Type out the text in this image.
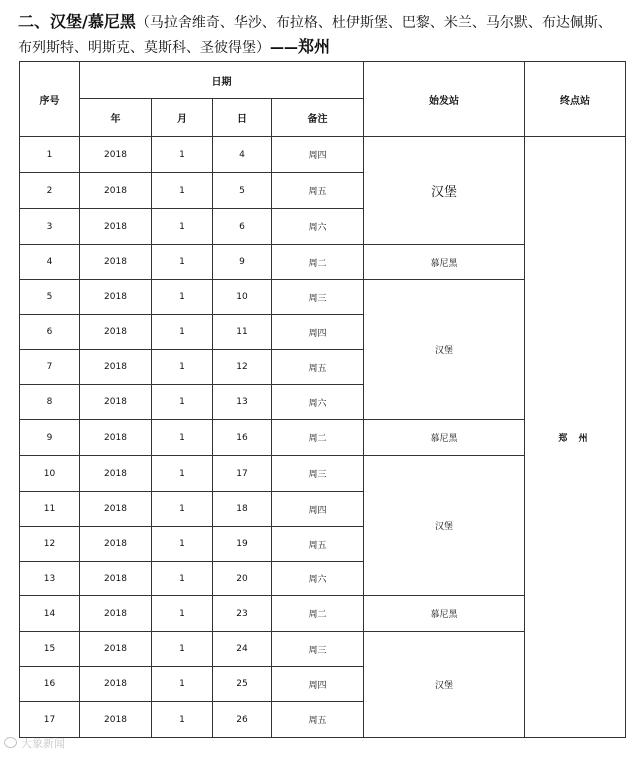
二、汉堡/慕尼黑（马拉舍维奇、华沙、布拉格、杜伊斯堡、巴黎、米兰、马尔默、布达佩斯、
布列斯特、明斯克、莫斯科、圣彼得堡）——郑州
序号	日期				始发站	终点站
	年	月	日	备注		
1	2018	1	4	周四	汉堡	郑 州
2	2018	1	5	周五		
3	2018	1	6	周六		
4	2018	1	9	周二	慕尼黑	
5	2018	1	10	周三	汉堡	
6	2018	1	11	周四		
7	2018	1	12	周五		
8	2018	1	13	周六		
9	2018	1	16	周二	慕尼黑	
10	2018	1	17	周三	汉堡	
11	2018	1	18	周四		
12	2018	1	19	周五		
13	2018	1	20	周六		
14	2018	1	23	周二	慕尼黑	
15	2018	1	24	周三	汉堡	
16	2018	1	25	周四		
17	2018	1	26	周五		
大象新闻
